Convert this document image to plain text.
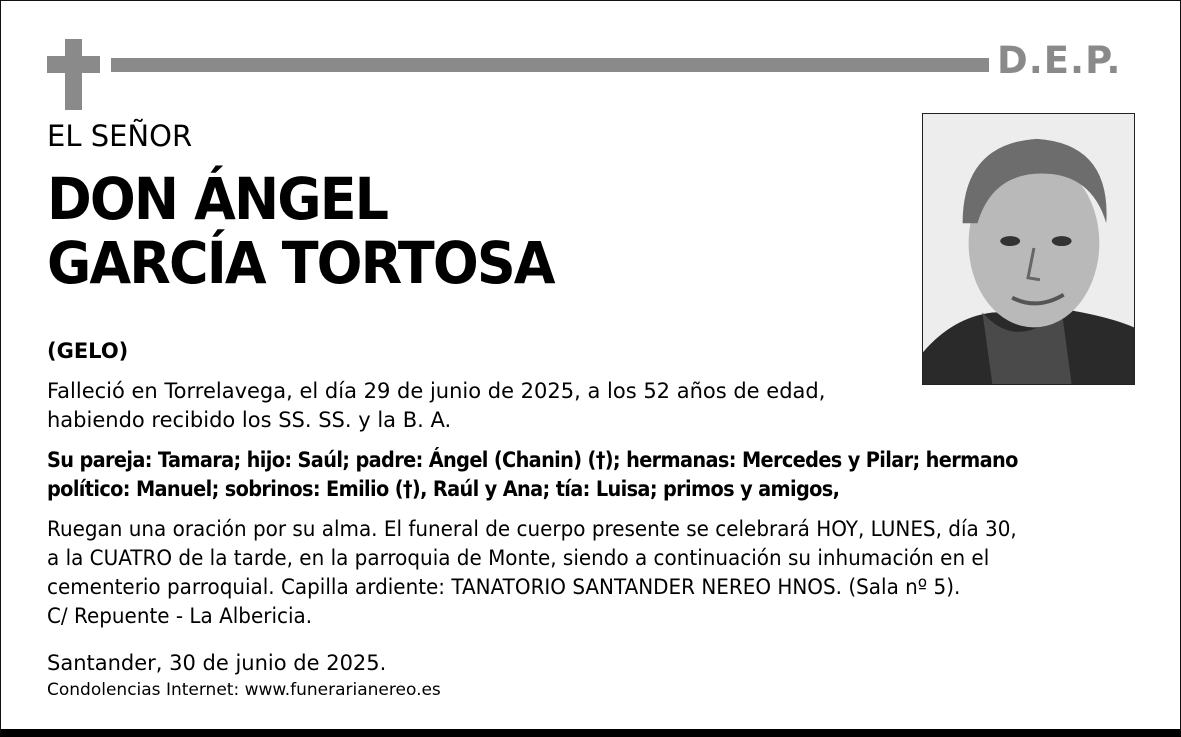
D.E.P.
EL SEÑOR
DON ÁNGEL
GARCÍA TORTOSA
(GELO)
Falleció en Torrelavega, el día 29 de junio de 2025, a los 52 años de edad,
habiendo recibido los SS. SS. y la B. A.
Su pareja: Tamara; hijo: Saúl; padre: Ángel (Chanin) (†); hermanas: Mercedes y Pilar; hermano
político: Manuel; sobrinos: Emilio (†), Raúl y Ana; tía: Luisa; primos y amigos,
Ruegan una oración por su alma. El funeral de cuerpo presente se celebrará HOY, LUNES, día 30,
a la CUATRO de la tarde, en la parroquia de Monte, siendo a continuación su inhumación en el
cementerio parroquial. Capilla ardiente: TANATORIO SANTANDER NEREO HNOS. (Sala nº 5).
C/ Repuente - La Albericia.
Santander, 30 de junio de 2025.
Condolencias Internet: www.funerarianereo.es
